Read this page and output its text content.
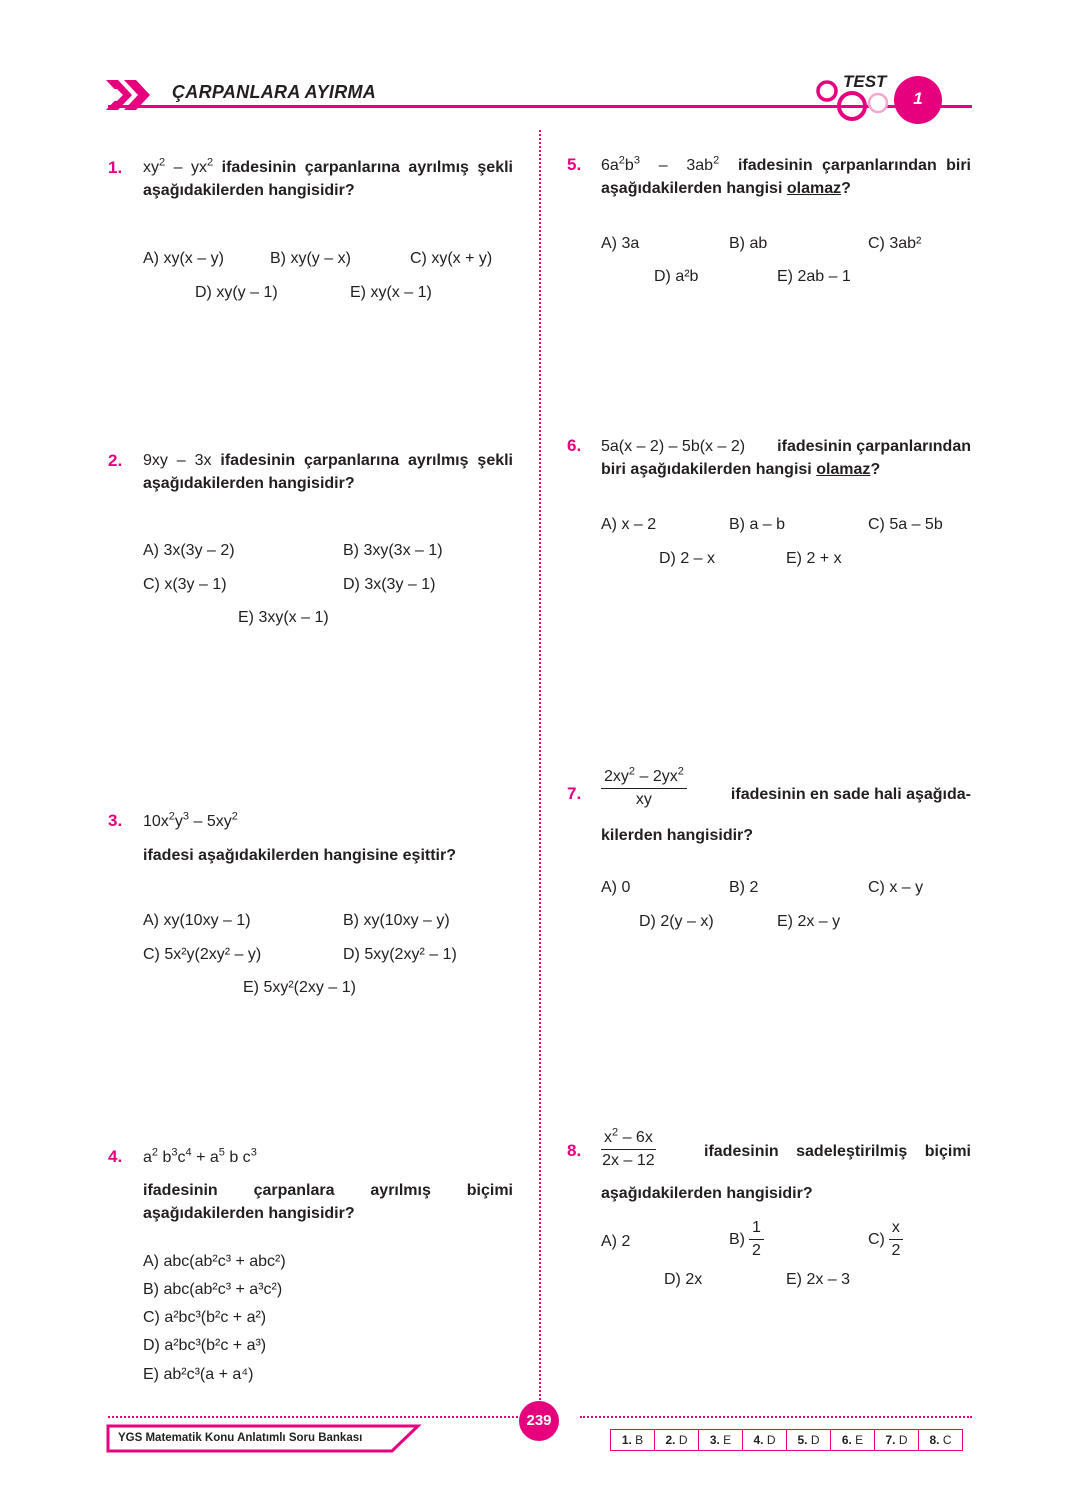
ÇARPANLARA AYIRMA
TEST
1
1. $xy^2 - yx^2$ ifadesinin çarpanlarına ayrılmış şekli aşağıdakilerden hangisidir?
A) xy(x – y)	B) xy(y – x)	C) xy(x + y)
D) xy(y – 1)	E) xy(x – 1)
2. 9xy – 3x ifadesinin çarpanlarına ayrılmış şekli aşağıdakilerden hangisidir?
A) 3x(3y – 2)	B) 3xy(3x – 1)
C) x(3y – 1)	D) 3x(3y – 1)
E) 3xy(x – 1)
3. $10x^2y^3 - 5xy^2$
ifadesi aşağıdakilerden hangisine eşittir?
A) xy(10xy – 1)	B) xy(10xy – y)
C) 5x²y(2xy² – y)	D) 5xy(2xy² – 1)
E) 5xy²(2xy – 1)
4. $a^2$ $b^3c^4 + a^5$ b $c^3$
ifadesinin çarpanlara ayrılmış biçimi aşağıdakilerden hangisidir?
A) abc(ab²c³ + abc²)
B) abc(ab²c³ + a³c²)
C) a²bc³(b²c + a²)
D) a²bc³(b²c + a³)
E) ab²c³(a + a⁴)
5. $6a^2b^3 - 3ab^2$ ifadesinin çarpanlarından biri aşağıdakilerden hangisi olamaz?
A) 3a	B) ab	C) 3ab²
D) a²b	E) 2ab – 1
6. 5a(x – 2) – 5b(x – 2) ifadesinin çarpanlarından
biri aşağıdakilerden hangisi olamaz?
A) x – 2	B) a – b	C) 5a – 5b
D) 2 – x	E) 2 + x
7. $\frac{2xy^2 - 2yx^2}{xy}$	ifadesinin en sade hali aşağıda-
kilerden hangisidir?
A) 0	B) 2	C) x – y
D) 2(y – x)	E) 2x – y
8. $\frac{x^2 - 6x}{2x - 12}$	ifadesinin sadeleştirilmiş biçimi
aşağıdakilerden hangisidir?
A) 2	$B) \frac{1}{2}$	$C) \frac{x}{2}$
D) 2x	E) 2x – 3
YGS Matematik Konu Anlatımlı Soru Bankası
239
1. B	2. D	3. E	4. D	5. D	6. E	7. D	8. C
